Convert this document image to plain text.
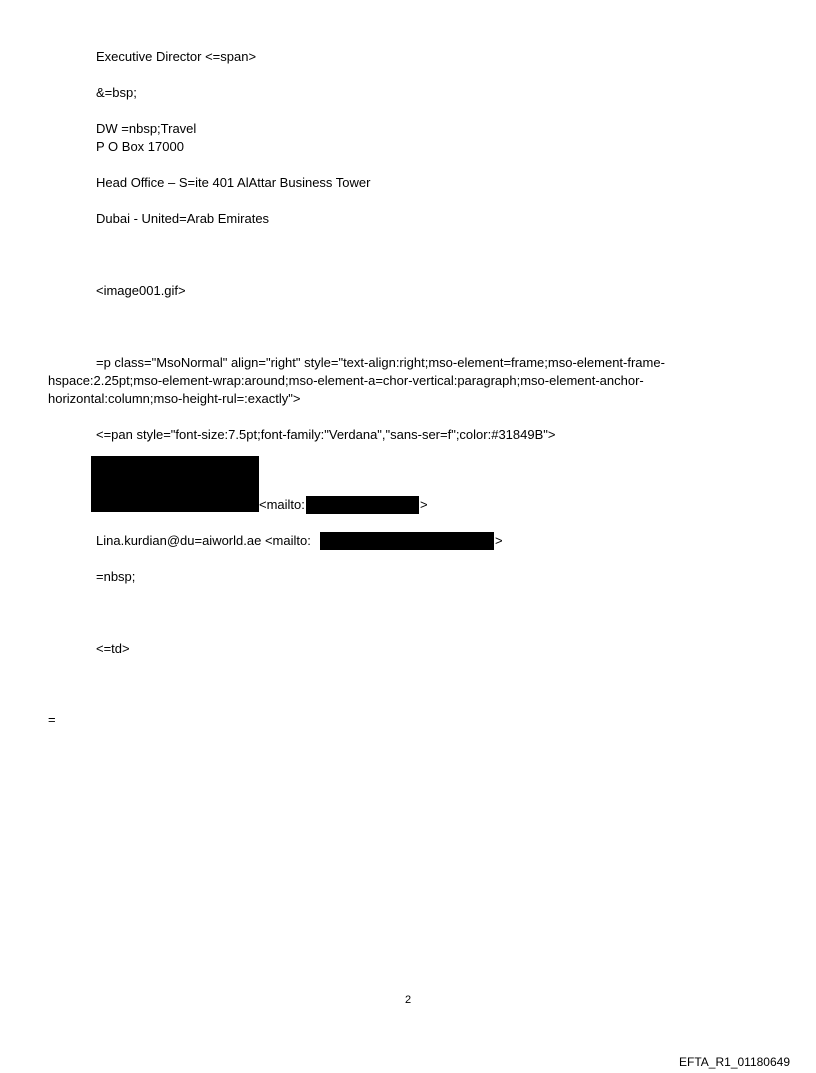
Executive Director <=span>
&=bsp;
DW =nbsp;Travel
P O Box 17000
Head Office – S=ite 401 AlAttar Business Tower
Dubai - United=Arab Emirates
<image001.gif>
=p class="MsoNormal" align="right" style="text-align:right;mso-element=frame;mso-element-frame-hspace:2.25pt;mso-element-wrap:around;mso-element-a=chor-vertical:paragraph;mso-element-anchor-horizontal:column;mso-height-rul=:exactly">
<=pan style="font-size:7.5pt;font-family:"Verdana","sans-ser=f";color:#31849B">
<mailto:	>
Lina.kurdian@du=aiworld.ae <mailto:	>
=nbsp;
<=td>
=
2
EFTA_R1_01180649
